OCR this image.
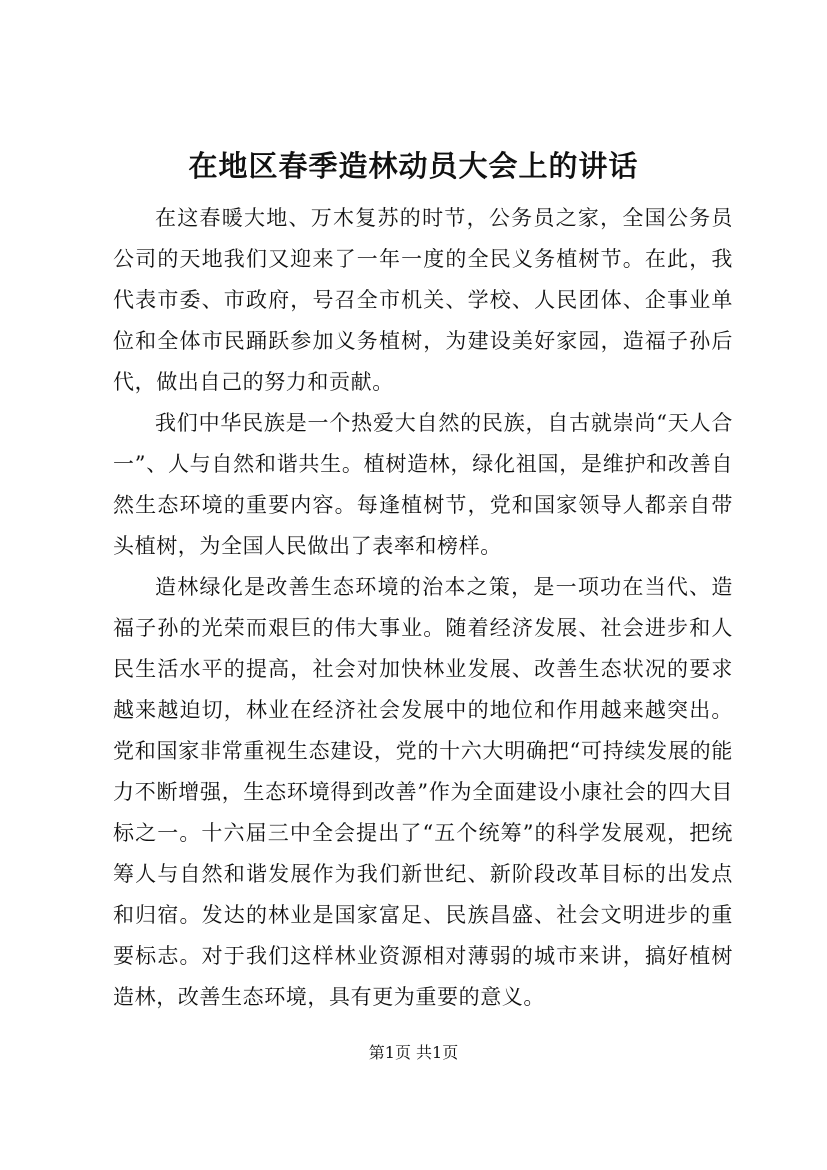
在地区春季造林动员大会上的讲话

在这春暖大地、万木复苏的时节，公务员之家，全国公务员公司的天地我们又迎来了一年一度的全民义务植树节。在此，我代表市委、市政府，号召全市机关、学校、人民团体、企事业单位和全体市民踊跃参加义务植树，为建设美好家园，造福子孙后代，做出自己的努力和贡献。

我们中华民族是一个热爱大自然的民族，自古就崇尚“天人合一”、人与自然和谐共生。植树造林，绿化祖国，是维护和改善自然生态环境的重要内容。每逢植树节，党和国家领导人都亲自带头植树，为全国人民做出了表率和榜样。

造林绿化是改善生态环境的治本之策，是一项功在当代、造福子孙的光荣而艰巨的伟大事业。随着经济发展、社会进步和人民生活水平的提高，社会对加快林业发展、改善生态状况的要求越来越迫切，林业在经济社会发展中的地位和作用越来越突出。党和国家非常重视生态建设，党的十六大明确把“可持续发展的能力不断增强，生态环境得到改善”作为全面建设小康社会的四大目标之一。十六届三中全会提出了“五个统筹”的科学发展观，把统筹人与自然和谐发展作为我们新世纪、新阶段改革目标的出发点和归宿。发达的林业是国家富足、民族昌盛、社会文明进步的重要标志。对于我们这样林业资源相对薄弱的城市来讲，搞好植树造林，改善生态环境，具有更为重要的意义。

第1页 共1页
